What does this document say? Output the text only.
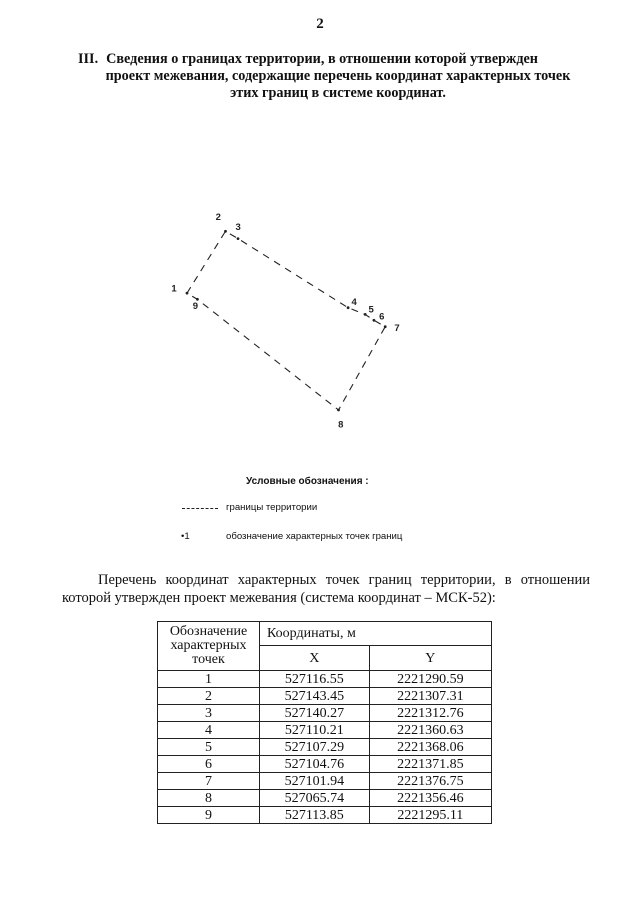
2
III. Сведения о границах территории, в отношении которой утвержден
проект межевания, содержащие перечень координат характерных точек
этих границ в системе координат.
1
2
3
4
5
6
7
8
9
Условные обозначения :
границы территории
•1	обозначение характерных точек границ

Перечень координат характерных точек границ территории, в отношении которой утвержден проект межевания (система координат – МСК-52):

Обозначение характерных точек	Координаты, м	
	X	Y
1	527116.55	2221290.59
2	527143.45	2221307.31
3	527140.27	2221312.76
4	527110.21	2221360.63
5	527107.29	2221368.06
6	527104.76	2221371.85
7	527101.94	2221376.75
8	527065.74	2221356.46
9	527113.85	2221295.11
